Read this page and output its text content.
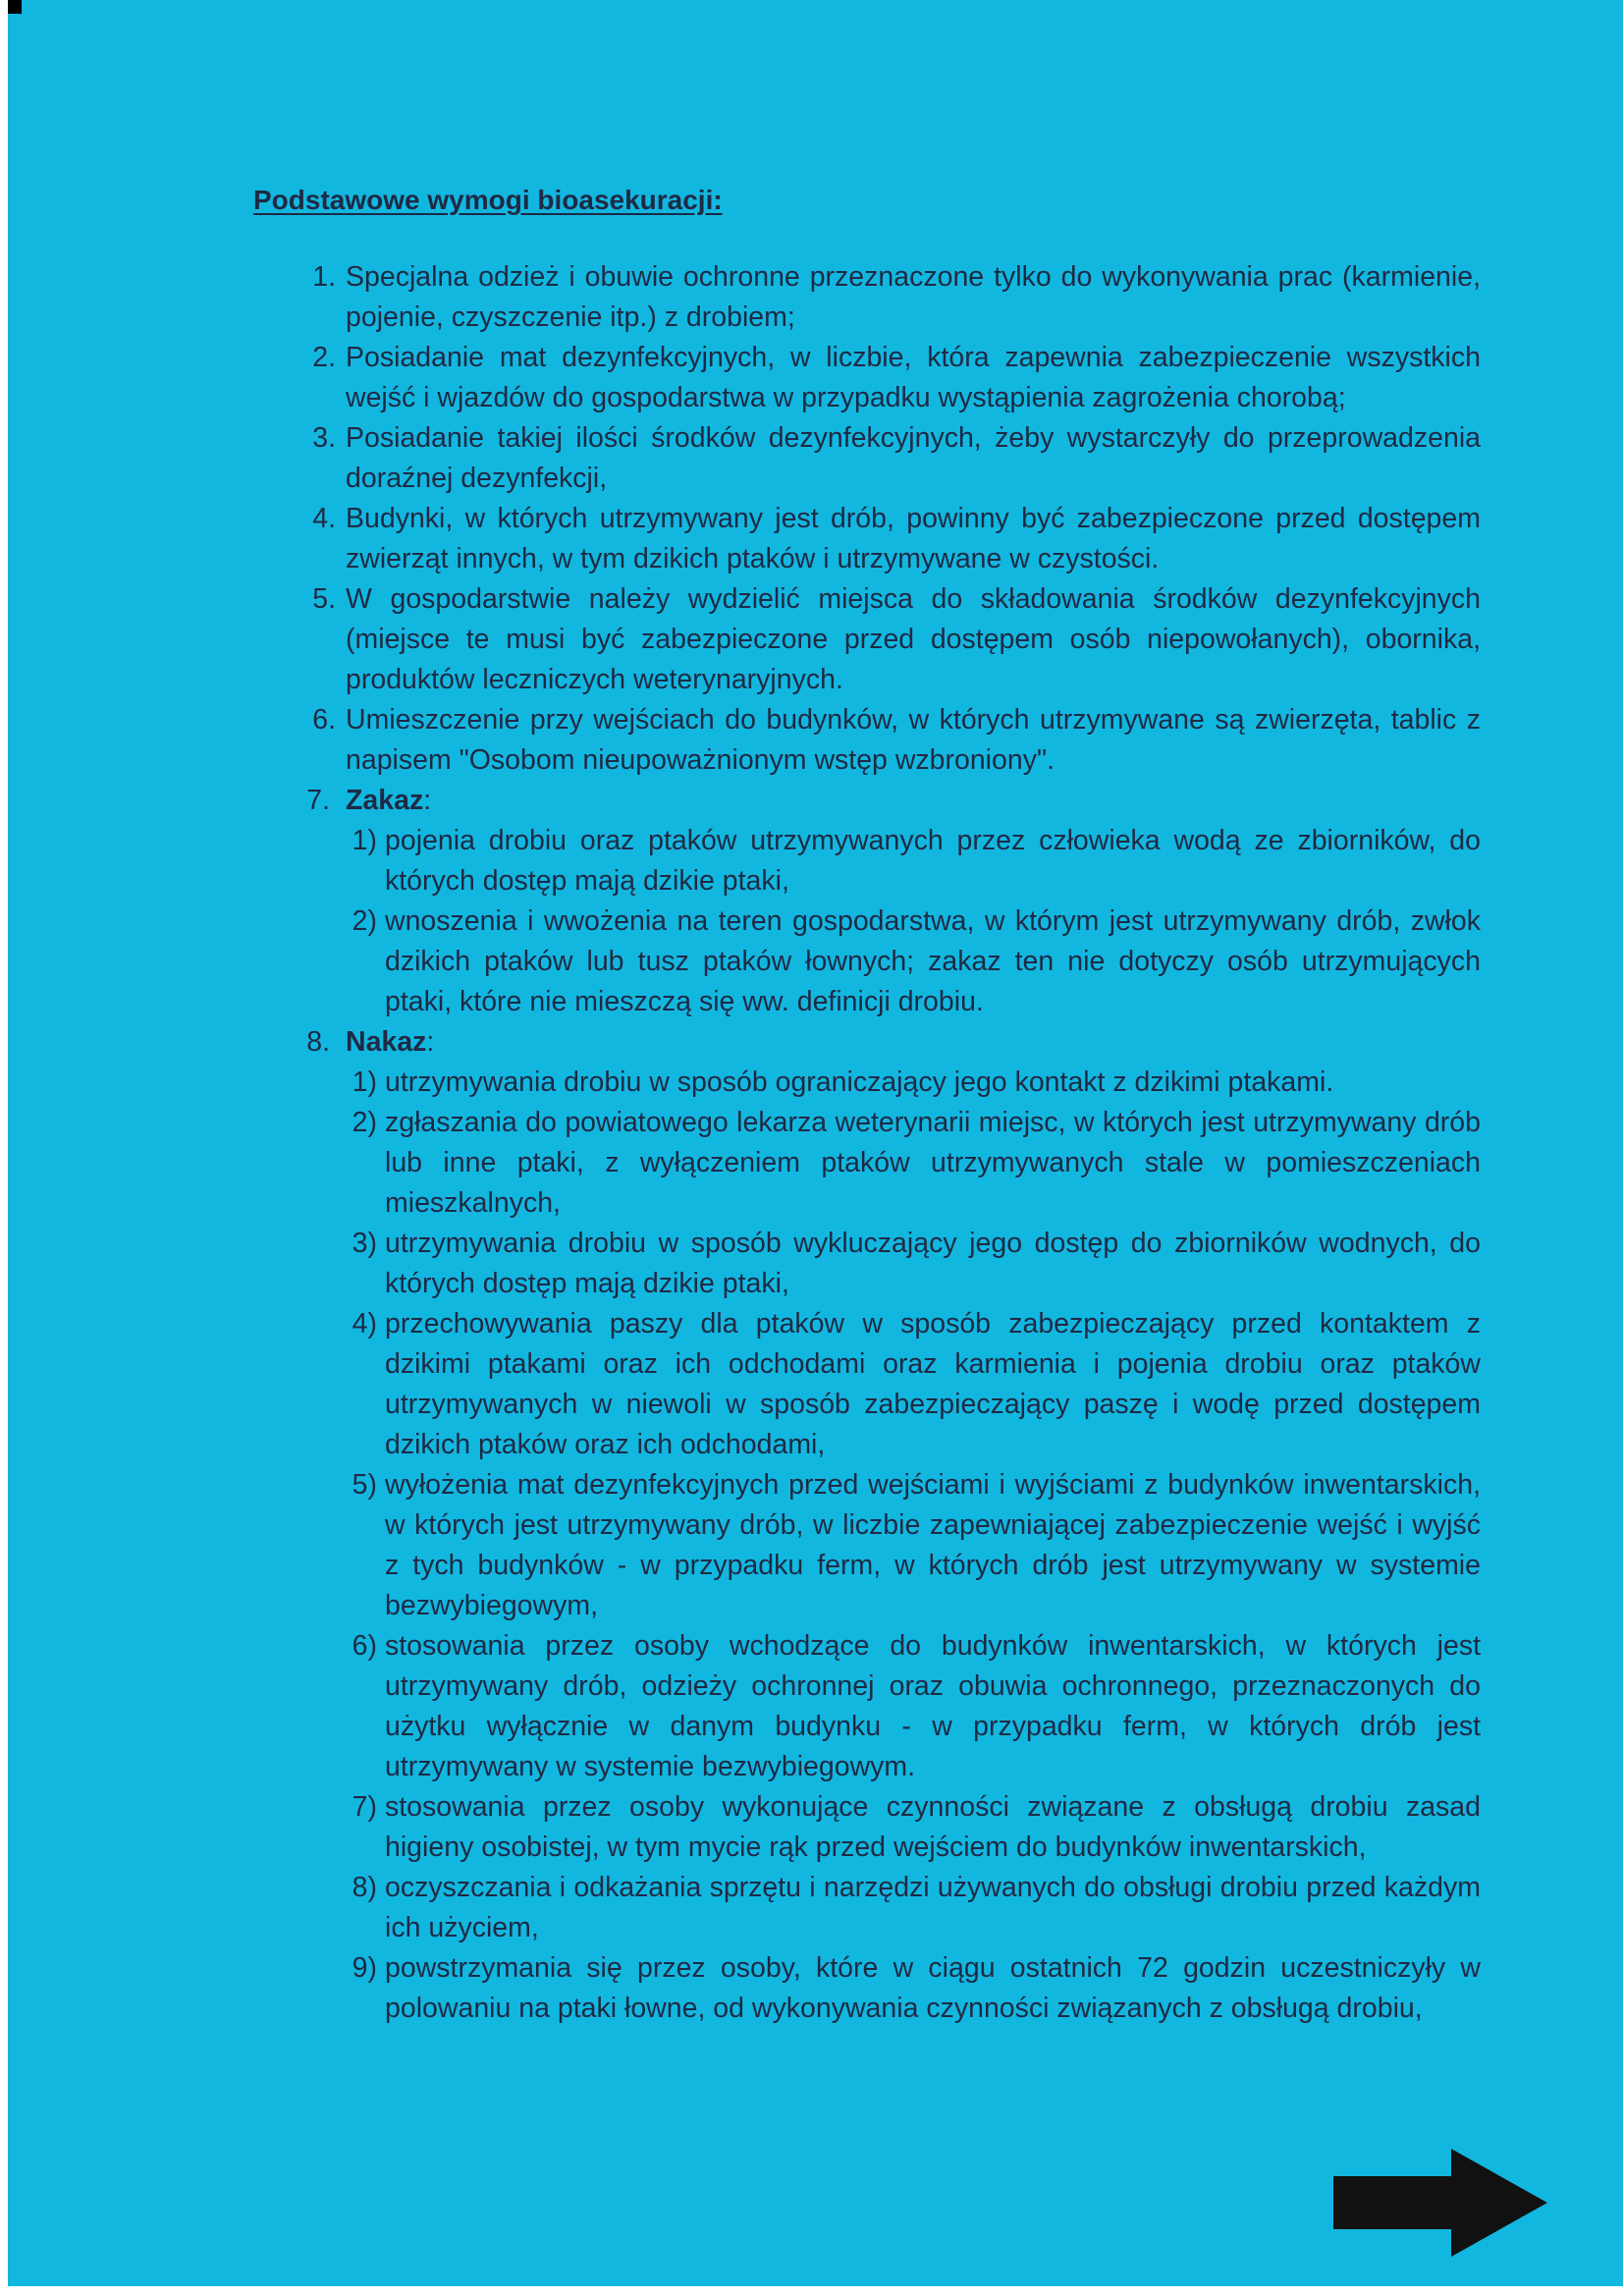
Podstawowe wymogi bioasekuracji:
1. Specjalna odzież i obuwie ochronne przeznaczone tylko do wykonywania prac (karmienie, pojenie, czyszczenie itp.) z drobiem;
2. Posiadanie mat dezynfekcyjnych, w liczbie, która zapewnia zabezpieczenie wszystkich wejść i wjazdów do gospodarstwa w przypadku wystąpienia zagrożenia chorobą;
3. Posiadanie takiej ilości środków dezynfekcyjnych, żeby wystarczyły do przeprowadzenia doraźnej dezynfekcji,
4. Budynki, w których utrzymywany jest drób, powinny być zabezpieczone przed dostępem zwierząt innych, w tym dzikich ptaków i utrzymywane w czystości.
5. W gospodarstwie należy wydzielić miejsca do składowania środków dezynfekcyjnych (miejsce te musi być zabezpieczone przed dostępem osób niepowołanych), obornika, produktów leczniczych weterynaryjnych.
6. Umieszczenie przy wejściach do budynków, w których utrzymywane są zwierzęta, tablic z napisem "Osobom nieupoważnionym wstęp wzbroniony".
7. Zakaz:
1) pojenia drobiu oraz ptaków utrzymywanych przez człowieka wodą ze zbiorników, do których dostęp mają dzikie ptaki,
2) wnoszenia i wwożenia na teren gospodarstwa, w którym jest utrzymywany drób, zwłok dzikich ptaków lub tusz ptaków łownych; zakaz ten nie dotyczy osób utrzymujących ptaki, które nie mieszczą się ww. definicji drobiu.
8. Nakaz:
1) utrzymywania drobiu w sposób ograniczający jego kontakt z dzikimi ptakami.
2) zgłaszania do powiatowego lekarza weterynarii miejsc, w których jest utrzymywany drób lub inne ptaki, z wyłączeniem ptaków utrzymywanych stale w pomieszczeniach mieszkalnych,
3) utrzymywania drobiu w sposób wykluczający jego dostęp do zbiorników wodnych, do których dostęp mają dzikie ptaki,
4) przechowywania paszy dla ptaków w sposób zabezpieczający przed kontaktem z dzikimi ptakami oraz ich odchodami oraz karmienia i pojenia drobiu oraz ptaków utrzymywanych w niewoli w sposób zabezpieczający paszę i wodę przed dostępem dzikich ptaków oraz ich odchodami,
5) wyłożenia mat dezynfekcyjnych przed wejściami i wyjściami z budynków inwentarskich, w których jest utrzymywany drób, w liczbie zapewniającej zabezpieczenie wejść i wyjść z tych budynków - w przypadku ferm, w których drób jest utrzymywany w systemie bezwybiegowym,
6) stosowania przez osoby wchodzące do budynków inwentarskich, w których jest utrzymywany drób, odzieży ochronnej oraz obuwia ochronnego, przeznaczonych do użytku wyłącznie w danym budynku - w przypadku ferm, w których drób jest utrzymywany w systemie bezwybiegowym.
7) stosowania przez osoby wykonujące czynności związane z obsługą drobiu zasad higieny osobistej, w tym mycie rąk przed wejściem do budynków inwentarskich,
8) oczyszczania i odkażania sprzętu i narzędzi używanych do obsługi drobiu przed każdym ich użyciem,
9) powstrzymania się przez osoby, które w ciągu ostatnich 72 godzin uczestniczyły w polowaniu na ptaki łowne, od wykonywania czynności związanych z obsługą drobiu,
